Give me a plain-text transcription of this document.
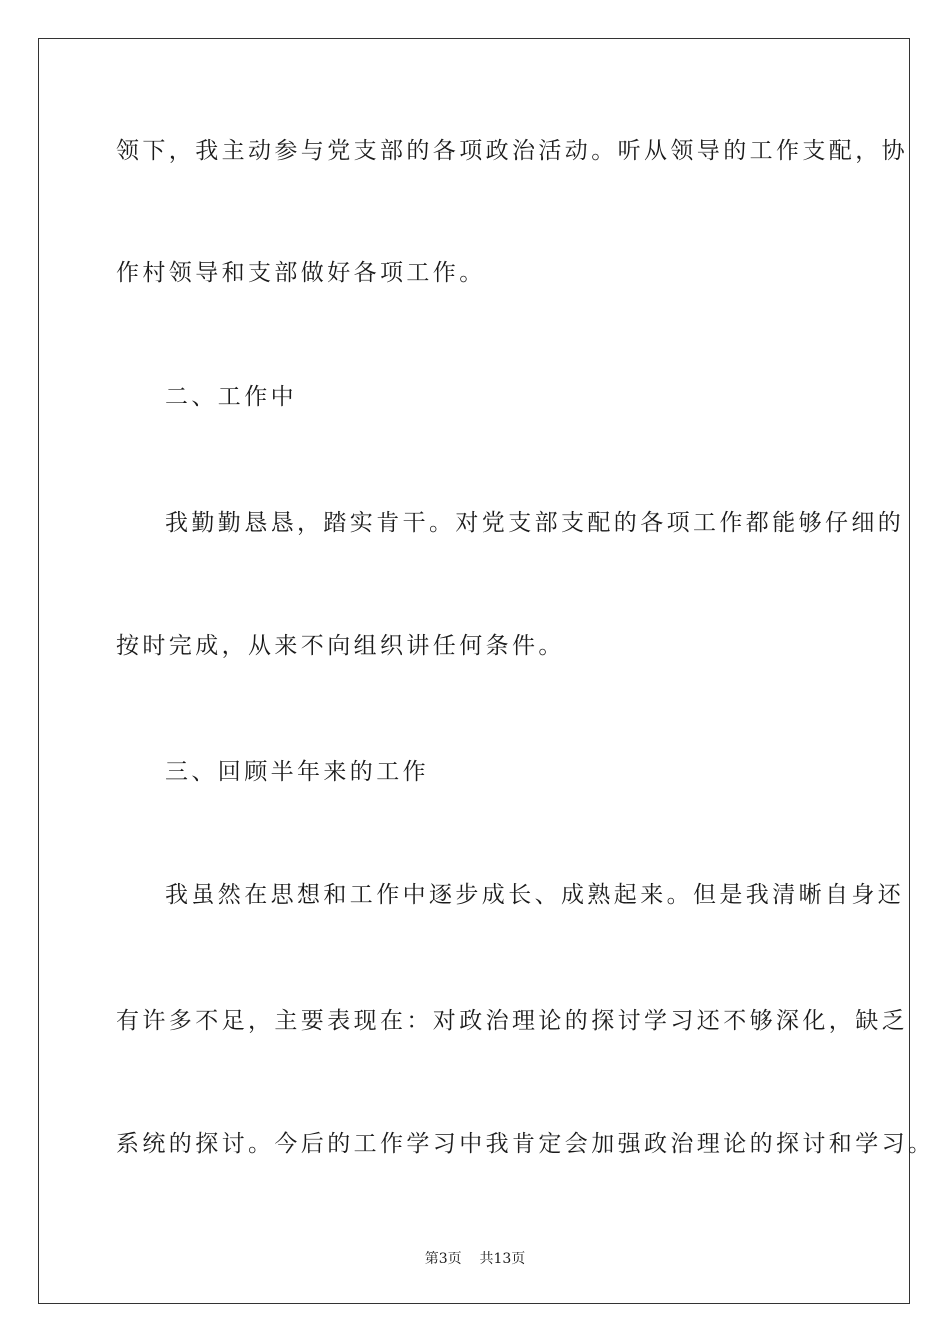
领下，我主动参与党支部的各项政治活动。听从领导的工作支配，协
作村领导和支部做好各项工作。
二、工作中
我勤勤恳恳，踏实肯干。对党支部支配的各项工作都能够仔细的
按时完成，从来不向组织讲任何条件。
三、回顾半年来的工作
我虽然在思想和工作中逐步成长、成熟起来。但是我清晰自身还
有许多不足，主要表现在：对政治理论的探讨学习还不够深化，缺乏
系统的探讨。今后的工作学习中我肯定会加强政治理论的探讨和学习。
第3页    共13页
